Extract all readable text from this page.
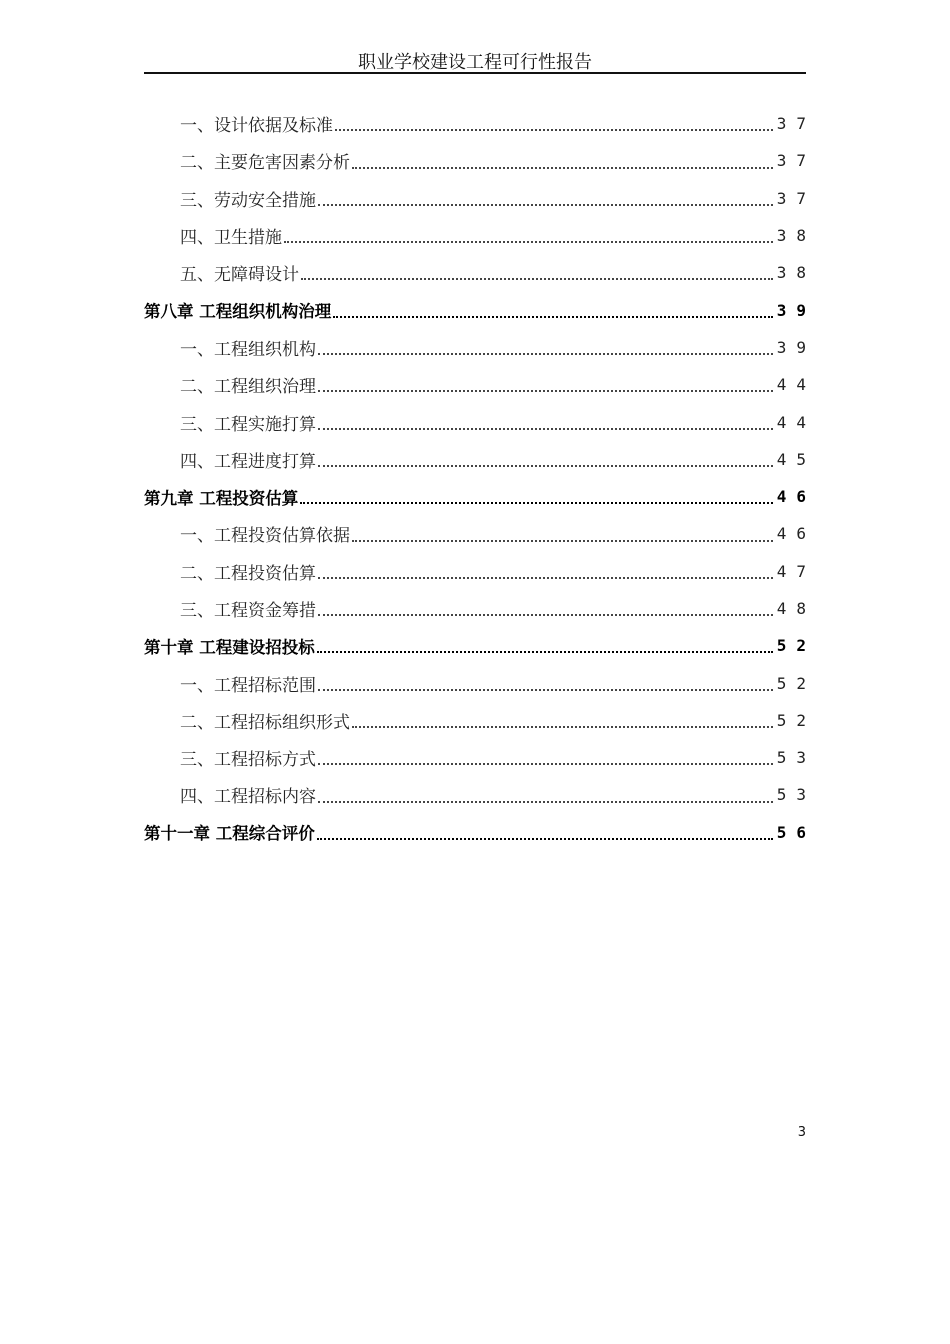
职业学校建设工程可行性报告
一、设计依据及标准	37
二、主要危害因素分析	37
三、劳动安全措施	37
四、卫生措施	38
五、无障碍设计	38
第八章 工程组织机构治理	39
一、工程组织机构	39
二、工程组织治理	44
三、工程实施打算	44
四、工程进度打算	45
第九章 工程投资估算	46
一、工程投资估算依据	46
二、工程投资估算	47
三、工程资金筹措	48
第十章 工程建设招投标	52
一、工程招标范围	52
二、工程招标组织形式	52
三、工程招标方式	53
四、工程招标内容	53
第十一章 工程综合评价	56
3
